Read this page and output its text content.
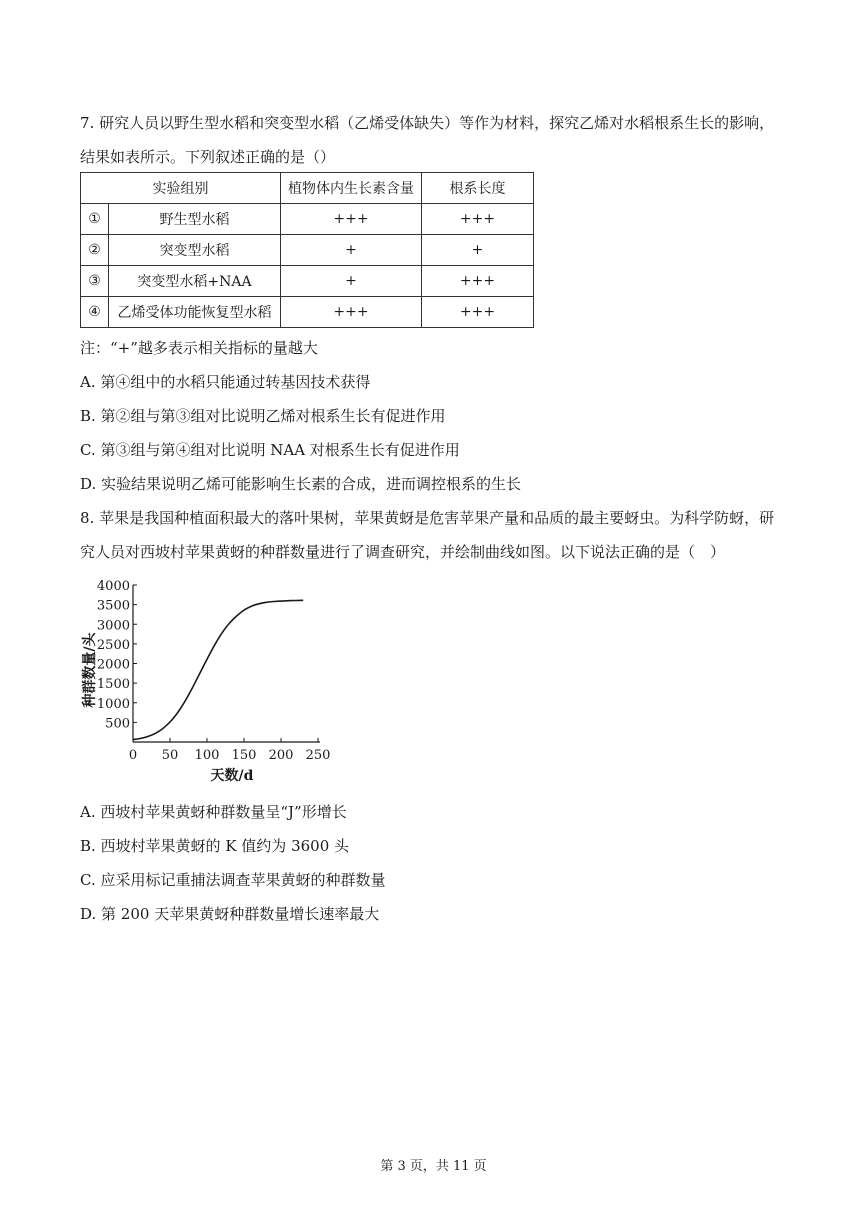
7. 研究人员以野生型水稻和突变型水稻（乙烯受体缺失）等作为材料，探究乙烯对水稻根系生长的影响，
结果如表所示。下列叙述正确的是（）
实验组别		植物体内生长素含量	根系长度
①	野生型水稻	+++	+++
②	突变型水稻	+	+
③	突变型水稻+NAA	+	+++
④	乙烯受体功能恢复型水稻	+++	+++
注：“+”越多表示相关指标的量越大
A. 第④组中的水稻只能通过转基因技术获得
B. 第②组与第③组对比说明乙烯对根系生长有促进作用
C. 第③组与第④组对比说明 NAA 对根系生长有促进作用
D. 实验结果说明乙烯可能影响生长素的合成，进而调控根系的生长
8. 苹果是我国种植面积最大的落叶果树，苹果黄蚜是危害苹果产量和品质的最主要蚜虫。为科学防蚜，研
究人员对西坡村苹果黄蚜的种群数量进行了调查研究，并绘制曲线如图。以下说法正确的是（　）
0 50 100 150 200 250
500
1000
1500
2000
2500
3000
3500
4000
天数/d
种群数量/头
A. 西坡村苹果黄蚜种群数量呈“J”形增长
B. 西坡村苹果黄蚜的 K 值约为 3600 头
C. 应采用标记重捕法调查苹果黄蚜的种群数量
D. 第 200 天苹果黄蚜种群数量增长速率最大
第 3 页，共 11 页
